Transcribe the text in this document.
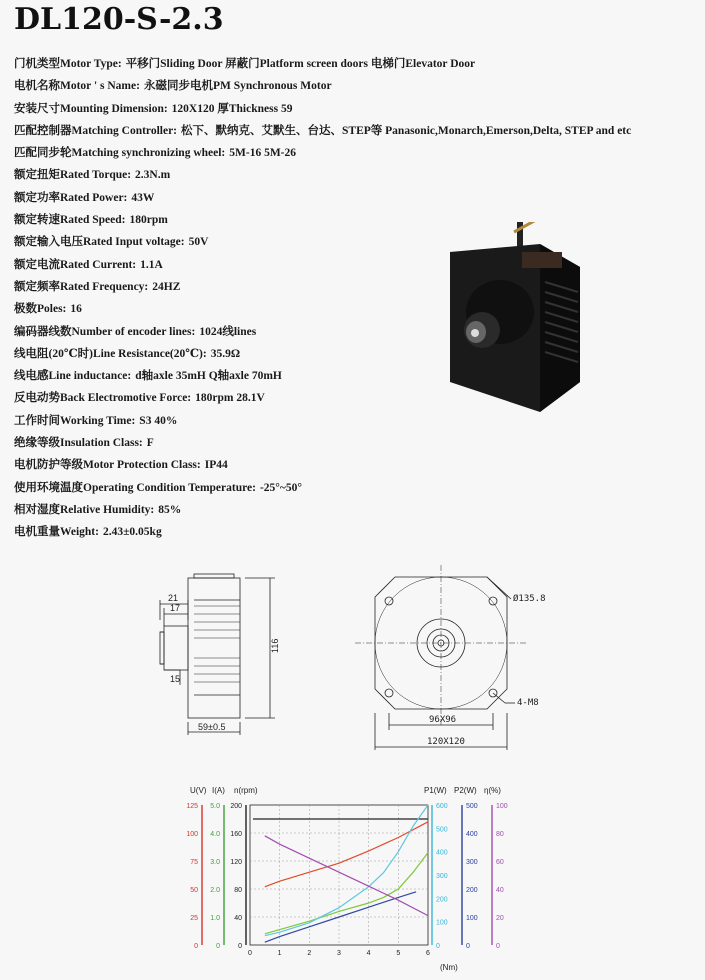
DL120-S-2.3
门机类型Motor Type: 平移门Sliding Door 屏蔽门Platform screen doors 电梯门Elevator Door
电机名称Motor ' s Name: 永磁同步电机PM Synchronous Motor
安装尺寸Mounting Dimension: 120X120 厚Thickness 59
匹配控制器Matching Controller: 松下、默纳克、艾默生、台达、STEP等 Panasonic,Monarch,Emerson,Delta, STEP and etc
匹配同步轮Matching synchronizing wheel: 5M-16 5M-26
额定扭矩Rated Torque: 2.3N.m
额定功率Rated Power: 43W
额定转速Rated Speed: 180rpm
额定输入电压Rated Input voltage: 50V
额定电流Rated Current: 1.1A
额定频率Rated Frequency: 24HZ
极数Poles: 16
编码器线数Number of encoder lines: 1024线lines
线电阻(20℃时)Line Resistance(20℃): 35.9Ω
线电感Line inductance: d轴axle 35mH Q轴axle 70mH
反电动势Back Electromotive Force: 180rpm 28.1V
工作时间Working Time: S3 40%
绝缘等级Insulation Class: F
电机防护等级Motor Protection Class: IP44
使用环境温度Operating Condition Temperature: -25°~50°
相对湿度Relative Humidity: 85%
电机重量Weight: 2.43±0.05kg
21
17
15
116
59±0.5
Ø135.8
4-M8
96X96
120X120
0	1	2	3	4	5	6
(Nm)
U(V)
0
25
50
75
100
125
I(A)
0
1.0
2.0
3.0
4.0
5.0
n(rpm)
0
40
80
120
160
200
P1(W)
0
100
200
300
400
500
600
P2(W)
0
100
200
300
400
500
η(%)
0
20
40
60
80
100
